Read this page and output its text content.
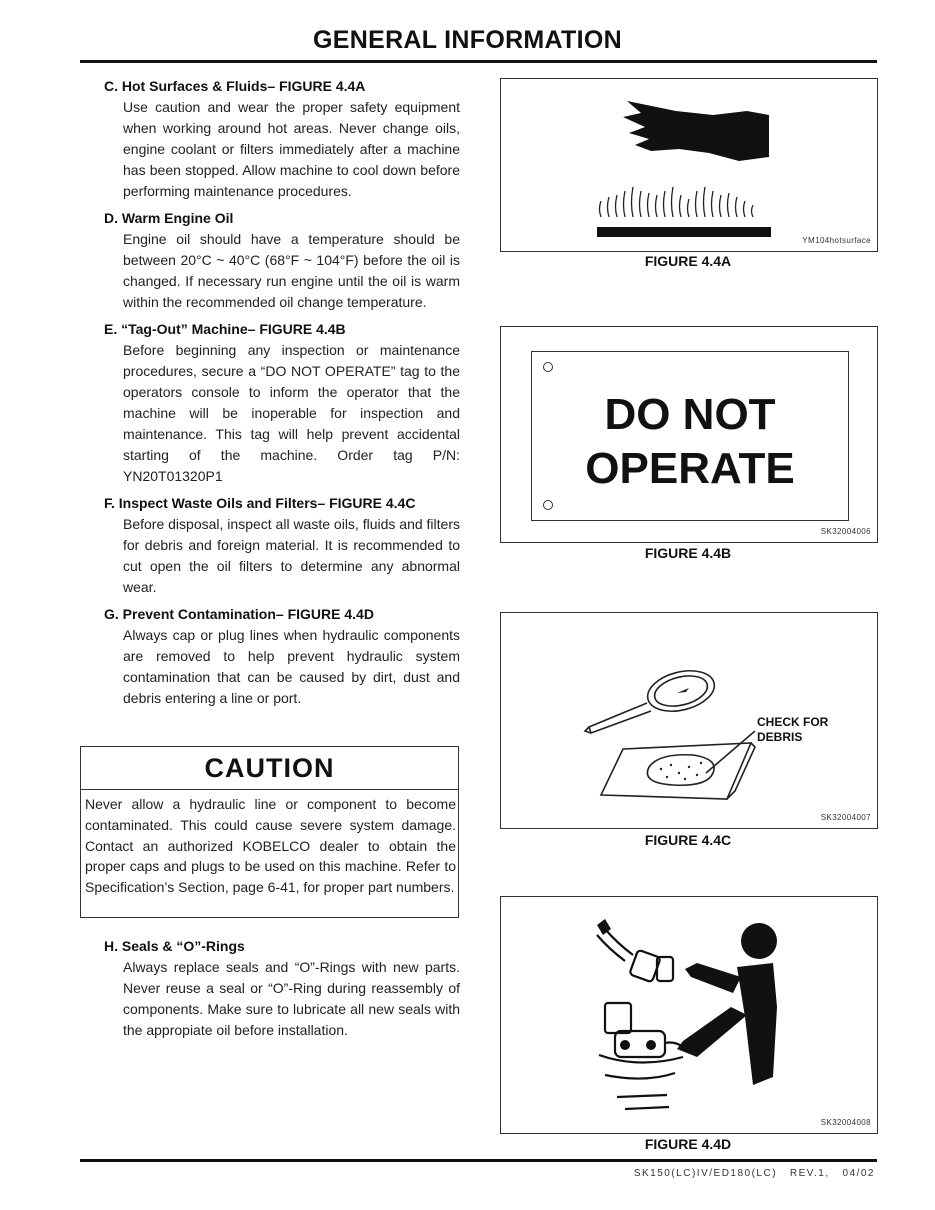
GENERAL INFORMATION
C. Hot Surfaces & Fluids– FIGURE 4.4A

Use caution and wear the proper safety equipment when working around hot areas. Never change oils, engine coolant or filters immediately after a machine has been stopped. Allow machine to cool down before performing maintenance procedures.

D. Warm Engine Oil

Engine oil should have a temperature should be between 20°C ~ 40°C (68°F ~ 104°F) before the oil is changed. If necessary run engine until the oil is warm within the recommended oil change temperature.

E. “Tag-Out” Machine– FIGURE 4.4B

Before beginning any inspection or maintenance procedures, secure a “DO NOT OPERATE” tag to the operators console to inform the operator that the machine will be inoperable for inspection and maintenance. This tag will help prevent accidental starting of the machine. Order tag P/N: YN20T01320P1

F. Inspect Waste Oils and Filters– FIGURE 4.4C

Before disposal, inspect all waste oils, fluids and filters for debris and foreign material. It is recommended to cut open the oil filters to determine any abnormal wear.

G. Prevent Contamination– FIGURE 4.4D

Always cap or plug lines when hydraulic components are removed to help prevent hydraulic system contamination that can be caused by dirt, dust and debris entering a line or port.

CAUTION

Never allow a hydraulic line or component to become contaminated. This could cause severe system damage. Contact an authorized KOBELCO dealer to obtain the proper caps and plugs to be used on this machine. Refer to Specification’s Section, page 6-41, for proper part numbers.

H. Seals & “O”-Rings

Always replace seals and “O”-Rings with new parts. Never reuse a seal or “O”-Ring during reassembly of components. Make sure to lubricate all new seals with the appropiate oil before installation.

YM104hotsurface
FIGURE 4.4A
DO NOT
OPERATE
SK32004006
FIGURE 4.4B
CHECK FOR
DEBRIS
SK32004007
FIGURE 4.4C
SK32004008
FIGURE 4.4D
SK150(LC)IV/ED180(LC)   REV.1,   04/02
